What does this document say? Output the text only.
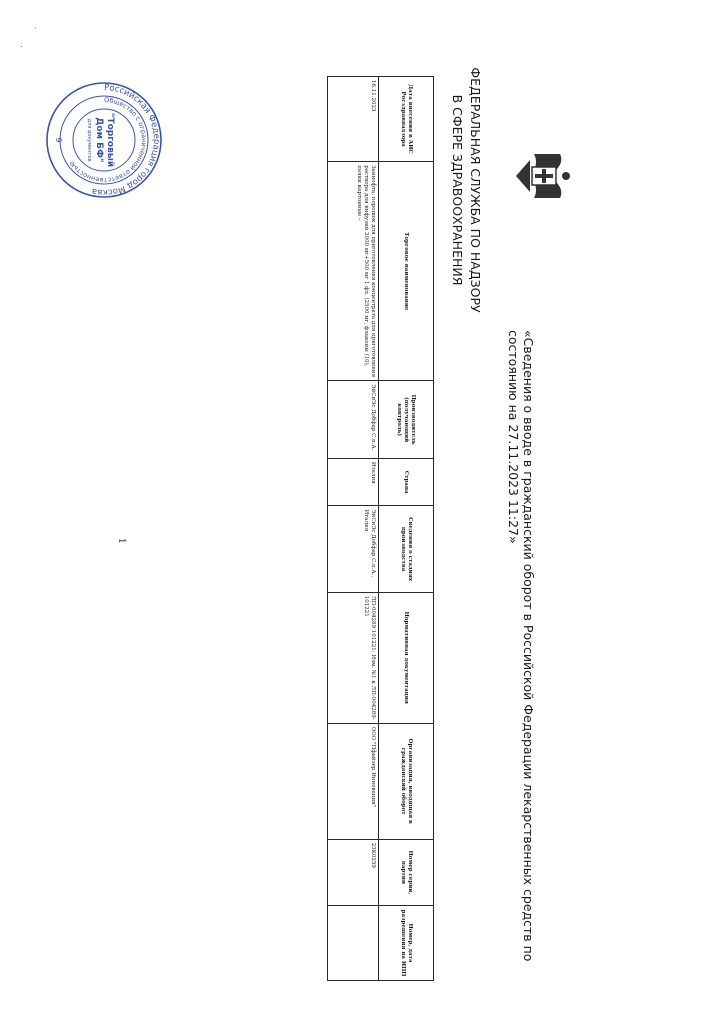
.
·
«Сведения о вводе в гражданский оборот в Российской Федерации лекарственных средств по состоянию на 27.11.2023 11:27»
ФЕДЕРАЛЬНАЯ СЛУЖБА ПО НАДЗОРУ
В СФЕРЕ ЗДРАВООХРАНЕНИЯ
Дата внесения в АИС Росздравнадзора	Торговое наименование	Производитель (получающий контроль)	Страна	Сведения о стадиях производства	Нормативная документация	Организация, вводящая в гражданский оборот	Номер серии, партии	Номер, дата разрешения на ИПП
16.11.2023	Заниофта; порошок для приготовления концентрата для приготовления раствора для инфузий 2000 мг+500 мг 1 фл. (2500 мг, флаконы (10), пачки картонные –	ЭйСиЭс Добфар С.п.А.	Италия	ЭйСиЭс Добфар С.п.А., Италия	ЛП-004289 101221; Изм. №1 к ЛП-004289-101221	ООО "Пфайзер Инновации"	23K0259	
1
Российская Федерация город Москва
Общество с ограниченной ответственностью	"Торговый
Дом БФ"
для документов
9
